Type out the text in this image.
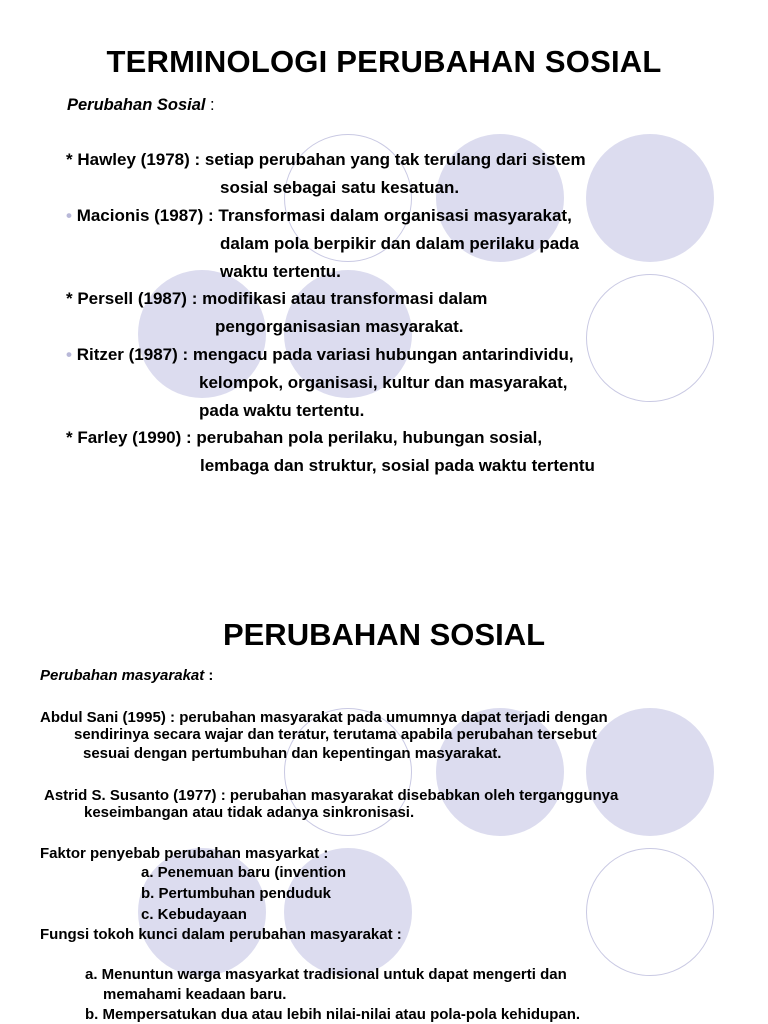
TERMINOLOGI PERUBAHAN SOSIAL
Perubahan Sosial :
* Hawley (1978) : setiap perubahan yang tak terulang dari sistem
sosial sebagai satu kesatuan.
• Macionis (1987) : Transformasi dalam organisasi masyarakat,
dalam pola berpikir dan dalam perilaku pada
waktu tertentu.
* Persell (1987) : modifikasi atau transformasi dalam
pengorganisasian masyarakat.
• Ritzer (1987) : mengacu pada variasi hubungan antarindividu,
kelompok, organisasi, kultur dan masyarakat,
pada waktu tertentu.
* Farley (1990) : perubahan pola perilaku, hubungan sosial,
lembaga dan struktur, sosial pada waktu tertentu
PERUBAHAN SOSIAL
Perubahan masyarakat :
Abdul Sani (1995) : perubahan masyarakat pada umumnya dapat terjadi dengan
sendirinya secara wajar dan teratur, terutama apabila perubahan tersebut
sesuai dengan pertumbuhan dan kepentingan masyarakat.
Astrid S. Susanto (1977) : perubahan masyarakat disebabkan oleh terganggunya
keseimbangan atau tidak adanya sinkronisasi.
Faktor penyebab perubahan masyarkat :
a. Penemuan baru (invention
b. Pertumbuhan penduduk
c. Kebudayaan
Fungsi tokoh kunci dalam perubahan masyarakat :
a. Menuntun warga masyarkat tradisional untuk dapat mengerti dan
memahami keadaan baru.
b. Mempersatukan dua atau lebih nilai-nilai atau pola-pola kehidupan.
